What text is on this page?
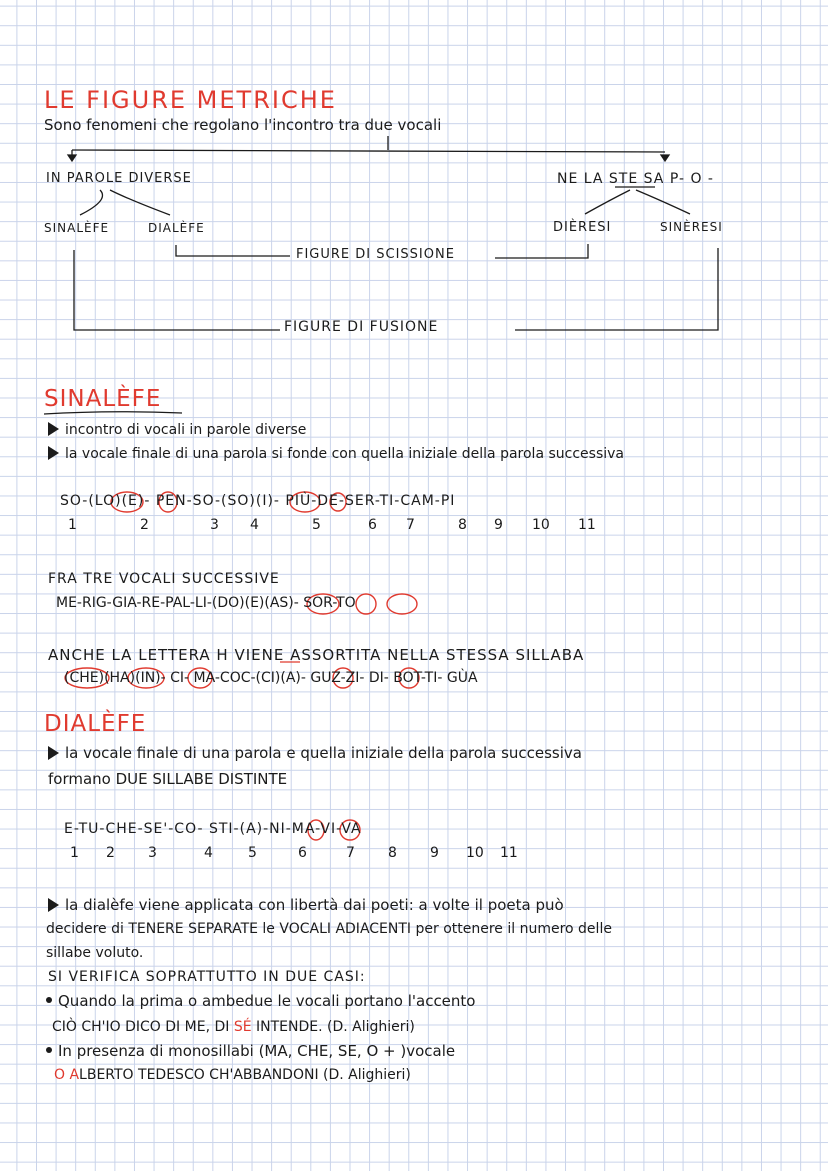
LE FIGURE METRICHE
Sono fenomeni che regolano l'incontro tra due vocali
IN PAROLE DIVERSE	NE LA STE SA P- O -
SINALÈFE	DIALÈFE	DIÈRESI	SINÈRESI
FIGURE DI SCISSIONE
FIGURE DI FUSIONE
SINALÈFE
incontro di vocali in parole diverse
la vocale finale di una parola si fonde con quella iniziale della parola successiva
SO-(LO)(E)- PEN-SO-(SO)(I)- PIÙ-DE-SER-TI-CAM-PI
1	2	3 4	5	6 7	8 9 10 11
FRA TRE VOCALI SUCCESSIVE
ME-RIG-GIA-RE-PAL-LI-(DO)(E)(AS)- SOR-TO
ANCHE LA LETTERA H VIENE ASSORTITA NELLA STESSA SILLABA
(CHE)(HA)(IN)- CI- MA-COC-(CI)(A)- GUZ-ZI- DI- BOT-TI- GÙA
DIALÈFE
la vocale finale di una parola e quella iniziale della parola successiva
formano DUE SILLABE DISTINTE
E-TU-CHE-SE'-CO- STI-(A)-NI-MA-VI-VA
1 2 3	4	5	6	7 8 9 10 11
la dialèfe viene applicata con libertà dai poeti: a volte il poeta può
decidere di TENERE SEPARATE le VOCALI ADIACENTI per ottenere il numero delle
sillabe voluto.
SI VERIFICA SOPRATTUTTO IN DUE CASI:
Quando la prima o ambedue le vocali portano l'accento
CIÒ CH'IO DICO DI ME, DI SÉ INTENDE. (D. Alighieri)
In presenza di monosillabi (MA, CHE, SE, O + )vocale
O ALBERTO TEDESCO CH'ABBANDONI (D. Alighieri)
